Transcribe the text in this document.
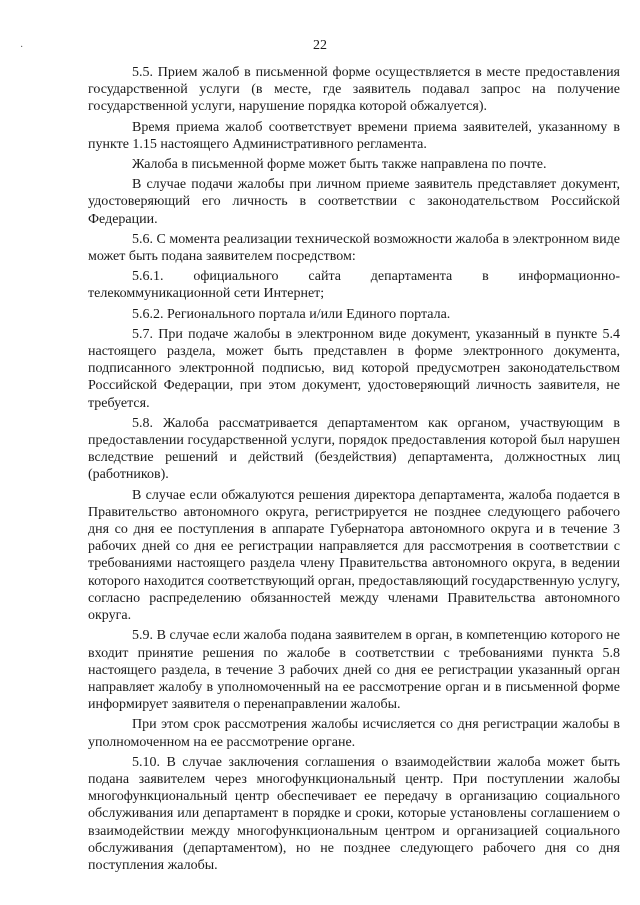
·	22

5.5. Прием жалоб в письменной форме осуществляется в месте предоставления государственной услуги (в месте, где заявитель подавал запрос на получение государственной услуги, нарушение порядка которой обжалуется).

Время приема жалоб соответствует времени приема заявителей, указанному в пункте 1.15 настоящего Административного регламента.

Жалоба в письменной форме может быть также направлена по почте.

В случае подачи жалобы при личном приеме заявитель представляет документ, удостоверяющий его личность в соответствии с законодательством Российской Федерации.

5.6. С момента реализации технической возможности жалоба в электронном виде может быть подана заявителем посредством:

5.6.1. официального сайта департамента в информационно-телекоммуникационной сети Интернет;

5.6.2. Регионального портала и/или Единого портала.

5.7. При подаче жалобы в электронном виде документ, указанный в пункте 5.4 настоящего раздела, может быть представлен в форме электронного документа, подписанного электронной подписью, вид которой предусмотрен законодательством Российской Федерации, при этом документ, удостоверяющий личность заявителя, не требуется.

5.8. Жалоба рассматривается департаментом как органом, участвующим в предоставлении государственной услуги, порядок предоставления которой был нарушен вследствие решений и действий (бездействия) департамента, должностных лиц (работников).

В случае если обжалуются решения директора департамента, жалоба подается в Правительство автономного округа, регистрируется не позднее следующего рабочего дня со дня ее поступления в аппарате Губернатора автономного округа и в течение 3 рабочих дней со дня ее регистрации направляется для рассмотрения в соответствии с требованиями настоящего раздела члену Правительства автономного округа, в ведении которого находится соответствующий орган, предоставляющий государственную услугу, согласно распределению обязанностей между членами Правительства автономного округа.

5.9. В случае если жалоба подана заявителем в орган, в компетенцию которого не входит принятие решения по жалобе в соответствии с требованиями пункта 5.8 настоящего раздела, в течение 3 рабочих дней со дня ее регистрации указанный орган направляет жалобу в уполномоченный на ее рассмотрение орган и в письменной форме информирует заявителя о перенаправлении жалобы.

При этом срок рассмотрения жалобы исчисляется со дня регистрации жалобы в уполномоченном на ее рассмотрение органе.

5.10. В случае заключения соглашения о взаимодействии жалоба может быть подана заявителем через многофункциональный центр. При поступлении жалобы многофункциональный центр обеспечивает ее передачу в организацию социального обслуживания или департамент в порядке и сроки, которые установлены соглашением о взаимодействии между многофункциональным центром и организацией социального обслуживания (департаментом), но не позднее следующего рабочего дня со дня поступления жалобы.
